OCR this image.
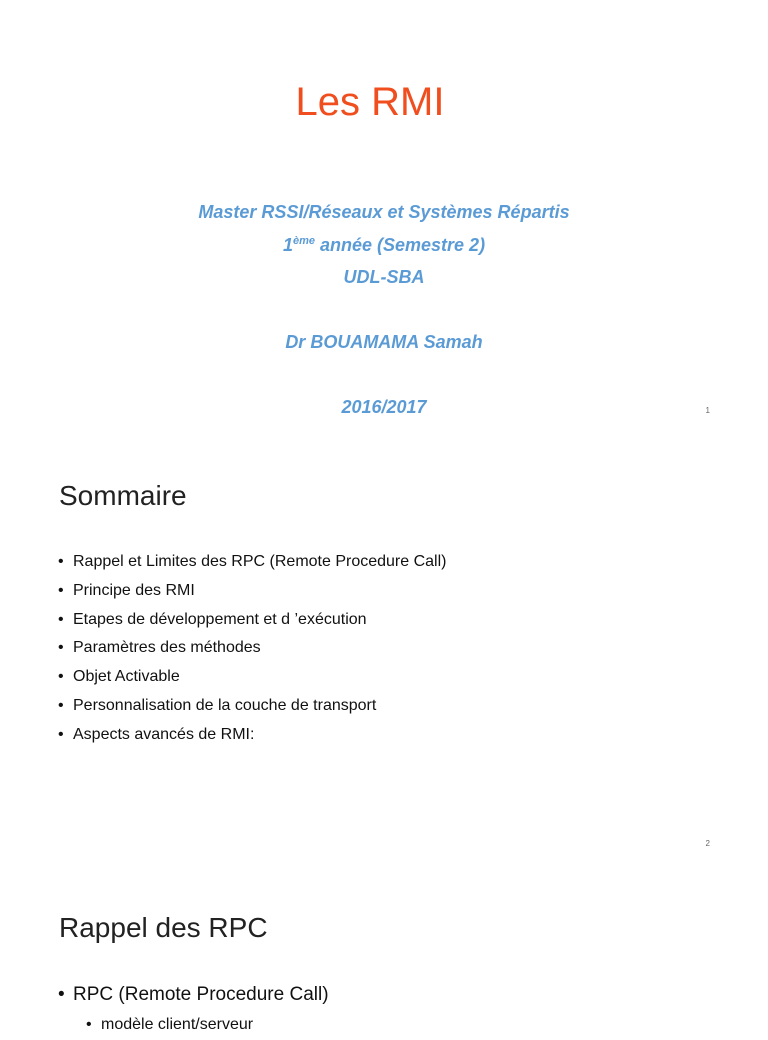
Les RMI
Master RSSI/Réseaux et Systèmes Répartis
1ème année (Semestre 2)
UDL-SBA
Dr BOUAMAMA Samah
2016/2017	1
Sommaire
• Rappel et Limites des RPC (Remote Procedure Call)
• Principe des RMI
• Etapes de développement et d ’exécution
• Paramètres des méthodes
• Objet Activable
• Personnalisation de la couche de transport
• Aspects avancés de RMI:
2
Rappel des RPC
• RPC (Remote Procedure Call)
• modèle client/serveur
